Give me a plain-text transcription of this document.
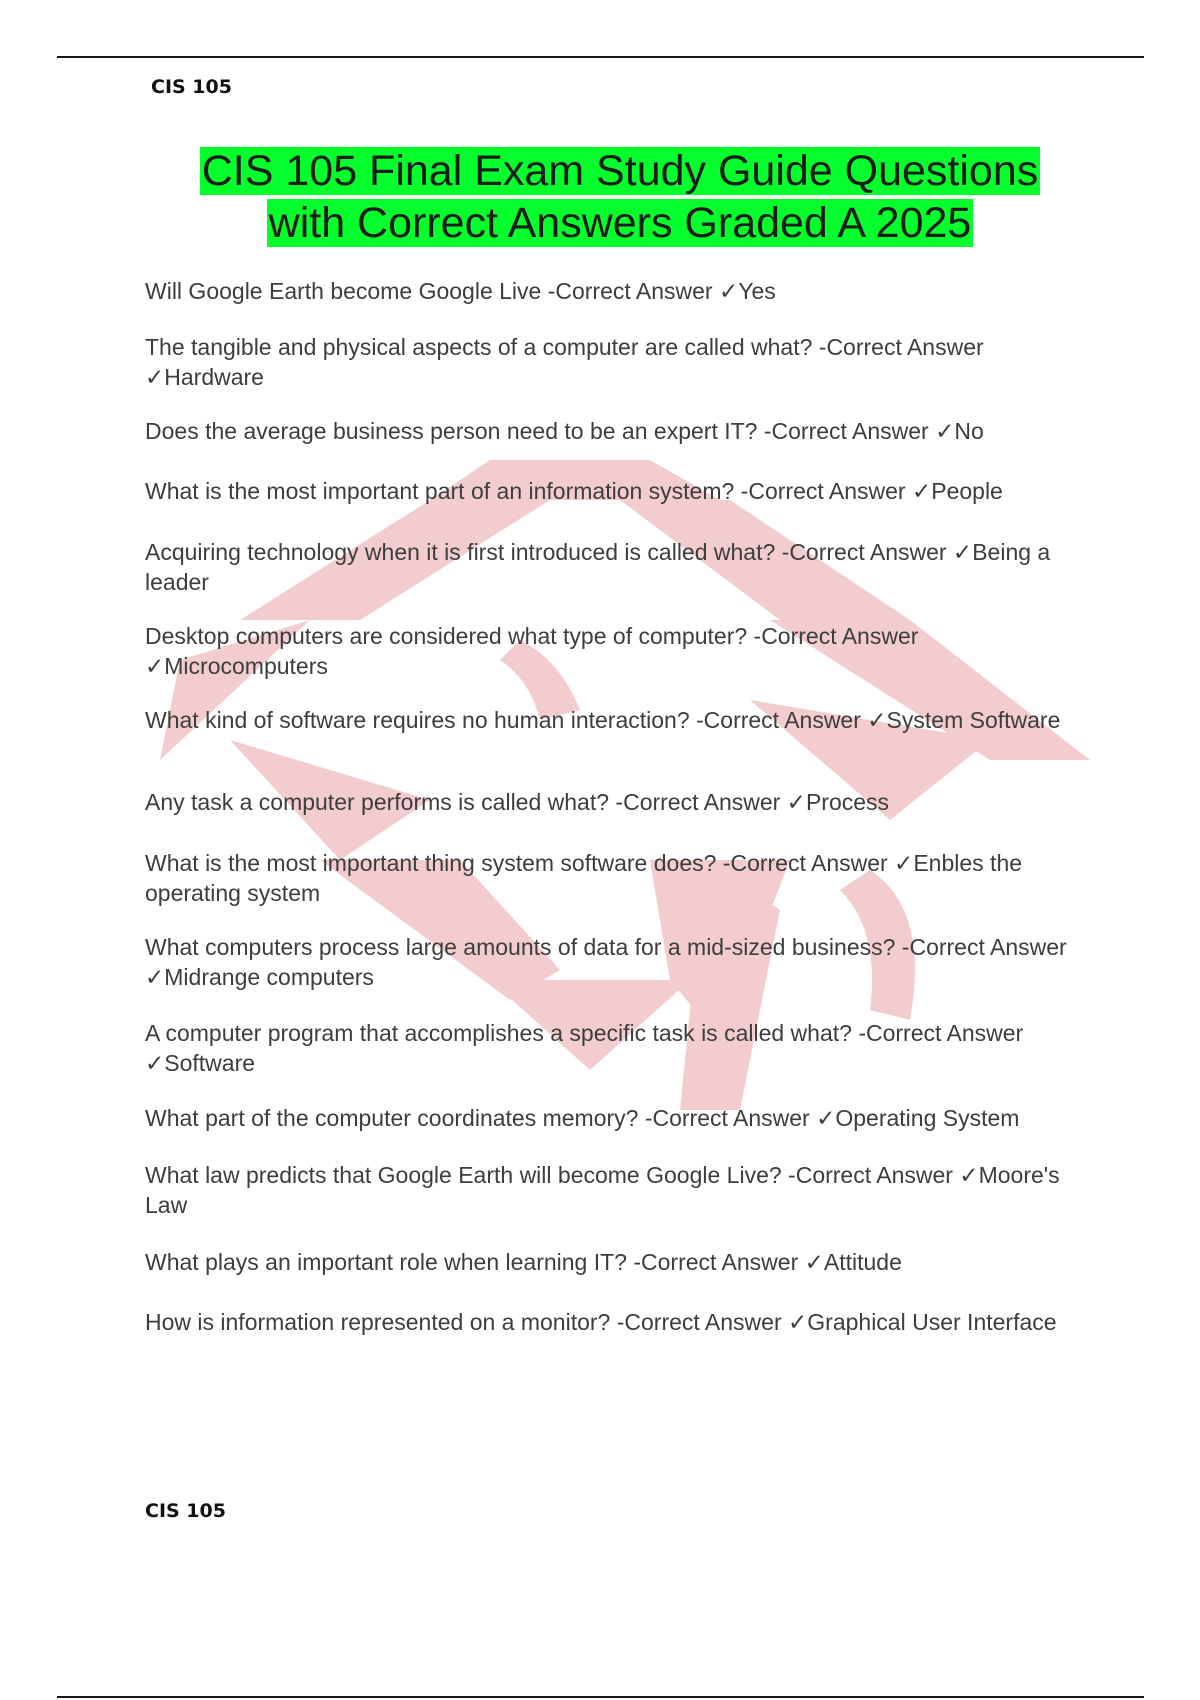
CIS 105
CIS 105 Final Exam Study Guide Questions
with Correct Answers Graded A 2025
Will Google Earth become Google Live -Correct Answer ✓Yes
The tangible and physical aspects of a computer are called what? -Correct Answer ✓Hardware
Does the average business person need to be an expert IT? -Correct Answer ✓No
What is the most important part of an information system? -Correct Answer ✓People
Acquiring technology when it is first introduced is called what? -Correct Answer ✓Being a leader
Desktop computers are considered what type of computer? -Correct Answer ✓Microcomputers
What kind of software requires no human interaction? -Correct Answer ✓System Software
Any task a computer performs is called what? -Correct Answer ✓Process
What is the most important thing system software does? -Correct Answer ✓Enbles the operating system
What computers process large amounts of data for a mid-sized business? -Correct Answer ✓Midrange computers
A computer program that accomplishes a specific task is called what? -Correct Answer ✓Software
What part of the computer coordinates memory? -Correct Answer ✓Operating System
What law predicts that Google Earth will become Google Live? -Correct Answer ✓Moore's Law
What plays an important role when learning IT? -Correct Answer ✓Attitude
How is information represented on a monitor? -Correct Answer ✓Graphical User Interface
CIS 105
